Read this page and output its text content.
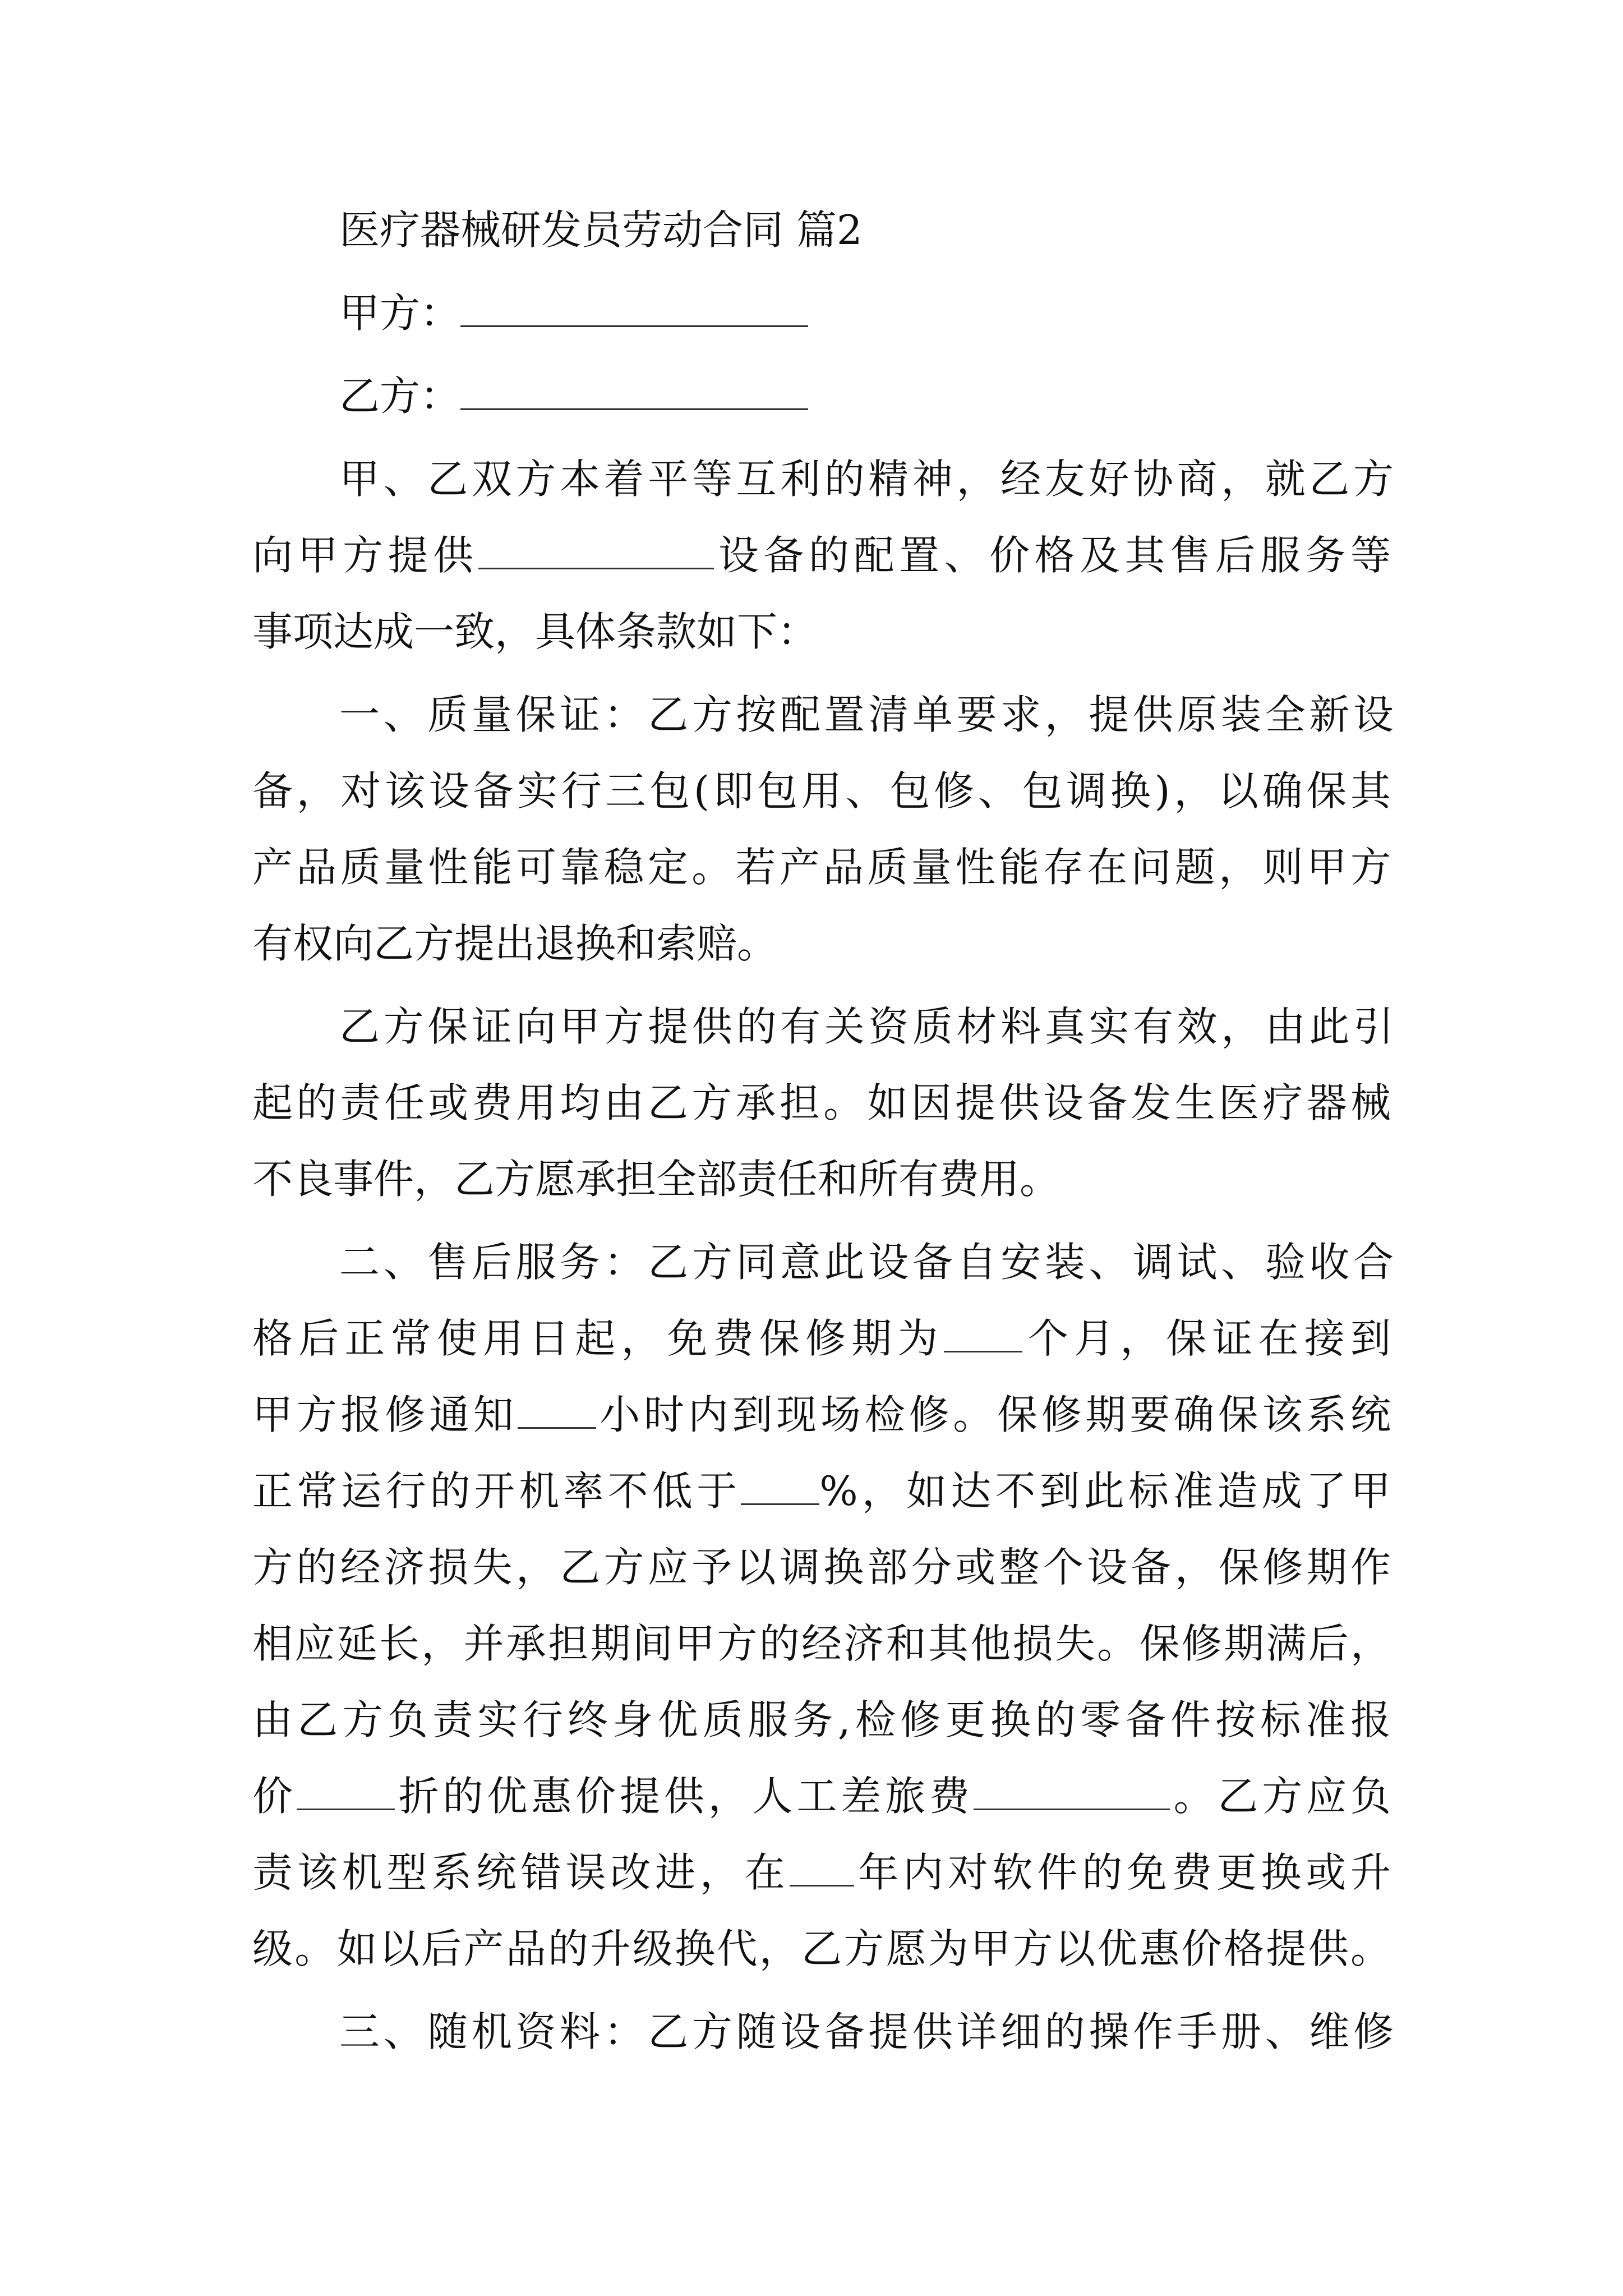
医疗器械研发员劳动合同 篇2
甲方：
乙方：
甲、乙双方本着平等互利的精神，经友好协商，就乙方
向甲方提供	设备的配置、价格及其售后服务等
事项达成一致，具体条款如下：
一、质量保证：乙方按配置清单要求，提供原装全新设
备，对该设备实行三包(即包用、包修、包调换)，以确保其
产品质量性能可靠稳定。若产品质量性能存在问题，则甲方
有权向乙方提出退换和索赔。
乙方保证向甲方提供的有关资质材料真实有效，由此引
起的责任或费用均由乙方承担。如因提供设备发生医疗器械
不良事件，乙方愿承担全部责任和所有费用。
二、售后服务：乙方同意此设备自安装、调试、验收合
格后正常使用日起，免费保修期为 个月，保证在接到
甲方报修通知 小时内到现场检修。保修期要确保该系统
正常运行的开机率不低于 %，如达不到此标准造成了甲
方的经济损失，乙方应予以调换部分或整个设备，保修期作
相应延长，并承担期间甲方的经济和其他损失。保修期满后，
由乙方负责实行终身优质服务,检修更换的零备件按标准报
价 折的优惠价提供，人工差旅费	。乙方应负
责该机型系统错误改进，在 年内对软件的免费更换或升
级。如以后产品的升级换代，乙方愿为甲方以优惠价格提供。
三、随机资料：乙方随设备提供详细的操作手册、维修
